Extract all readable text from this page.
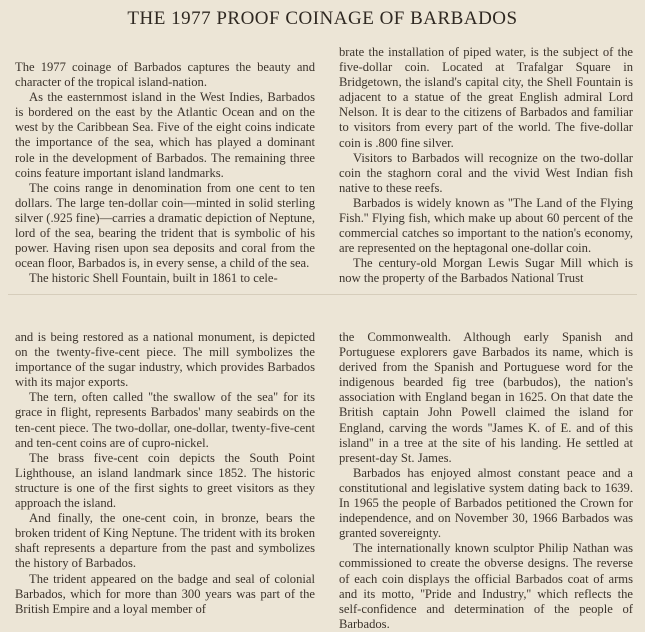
THE 1977 PROOF COINAGE OF BARBADOS

The 1977 coinage of Barbados captures the beauty and character of the tropical island-nation.

As the easternmost island in the West Indies, Barbados is bordered on the east by the Atlantic Ocean and on the west by the Caribbean Sea. Five of the eight coins indicate the importance of the sea, which has played a dominant role in the development of Barbados. The remaining three coins feature important island landmarks.

The coins range in denomination from one cent to ten dollars. The large ten-dollar coin—minted in solid sterling silver (.925 fine)—carries a dramatic depiction of Neptune, lord of the sea, bearing the trident that is symbolic of his power. Having risen upon sea deposits and coral from the ocean floor, Barbados is, in every sense, a child of the sea.

The historic Shell Fountain, built in 1861 to cele-

brate the installation of piped water, is the subject of the five-dollar coin. Located at Trafalgar Square in Bridgetown, the island's capital city, the Shell Fountain is adjacent to a statue of the great English admiral Lord Nelson. It is dear to the citizens of Barbados and familiar to visitors from every part of the world. The five-dollar coin is .800 fine silver.

Visitors to Barbados will recognize on the two-dollar coin the staghorn coral and the vivid West Indian fish native to these reefs.

Barbados is widely known as ''The Land of the Flying Fish.'' Flying fish, which make up about 60 percent of the commercial catches so important to the nation's economy, are represented on the heptagonal one-dollar coin.

The century-old Morgan Lewis Sugar Mill which is now the property of the Barbados National Trust

and is being restored as a national monument, is depicted on the twenty-five-cent piece. The mill symbolizes the importance of the sugar industry, which provides Barbados with its major exports.

The tern, often called ''the swallow of the sea'' for its grace in flight, represents Barbados' many seabirds on the ten-cent piece. The two-dollar, one-dollar, twenty-five-cent and ten-cent coins are of cupro-nickel.

The brass five-cent coin depicts the South Point Lighthouse, an island landmark since 1852. The historic structure is one of the first sights to greet visitors as they approach the island.

And finally, the one-cent coin, in bronze, bears the broken trident of King Neptune. The trident with its broken shaft represents a departure from the past and symbolizes the history of Barbados.

The trident appeared on the badge and seal of colonial Barbados, which for more than 300 years was part of the British Empire and a loyal member of

the Commonwealth. Although early Spanish and Portuguese explorers gave Barbados its name, which is derived from the Spanish and Portuguese word for the indigenous bearded fig tree (barbudos), the nation's association with England began in 1625. On that date the British captain John Powell claimed the island for England, carving the words ''James K. of E. and of this island'' in a tree at the site of his landing. He settled at present-day St. James.

Barbados has enjoyed almost constant peace and a constitutional and legislative system dating back to 1639. In 1965 the people of Barbados petitioned the Crown for independence, and on November 30, 1966 Barbados was granted sovereignty.

The internationally known sculptor Philip Nathan was commissioned to create the obverse designs. The reverse of each coin displays the official Barbados coat of arms and its motto, ''Pride and Industry,'' which reflects the self-confidence and determination of the people of Barbados.
